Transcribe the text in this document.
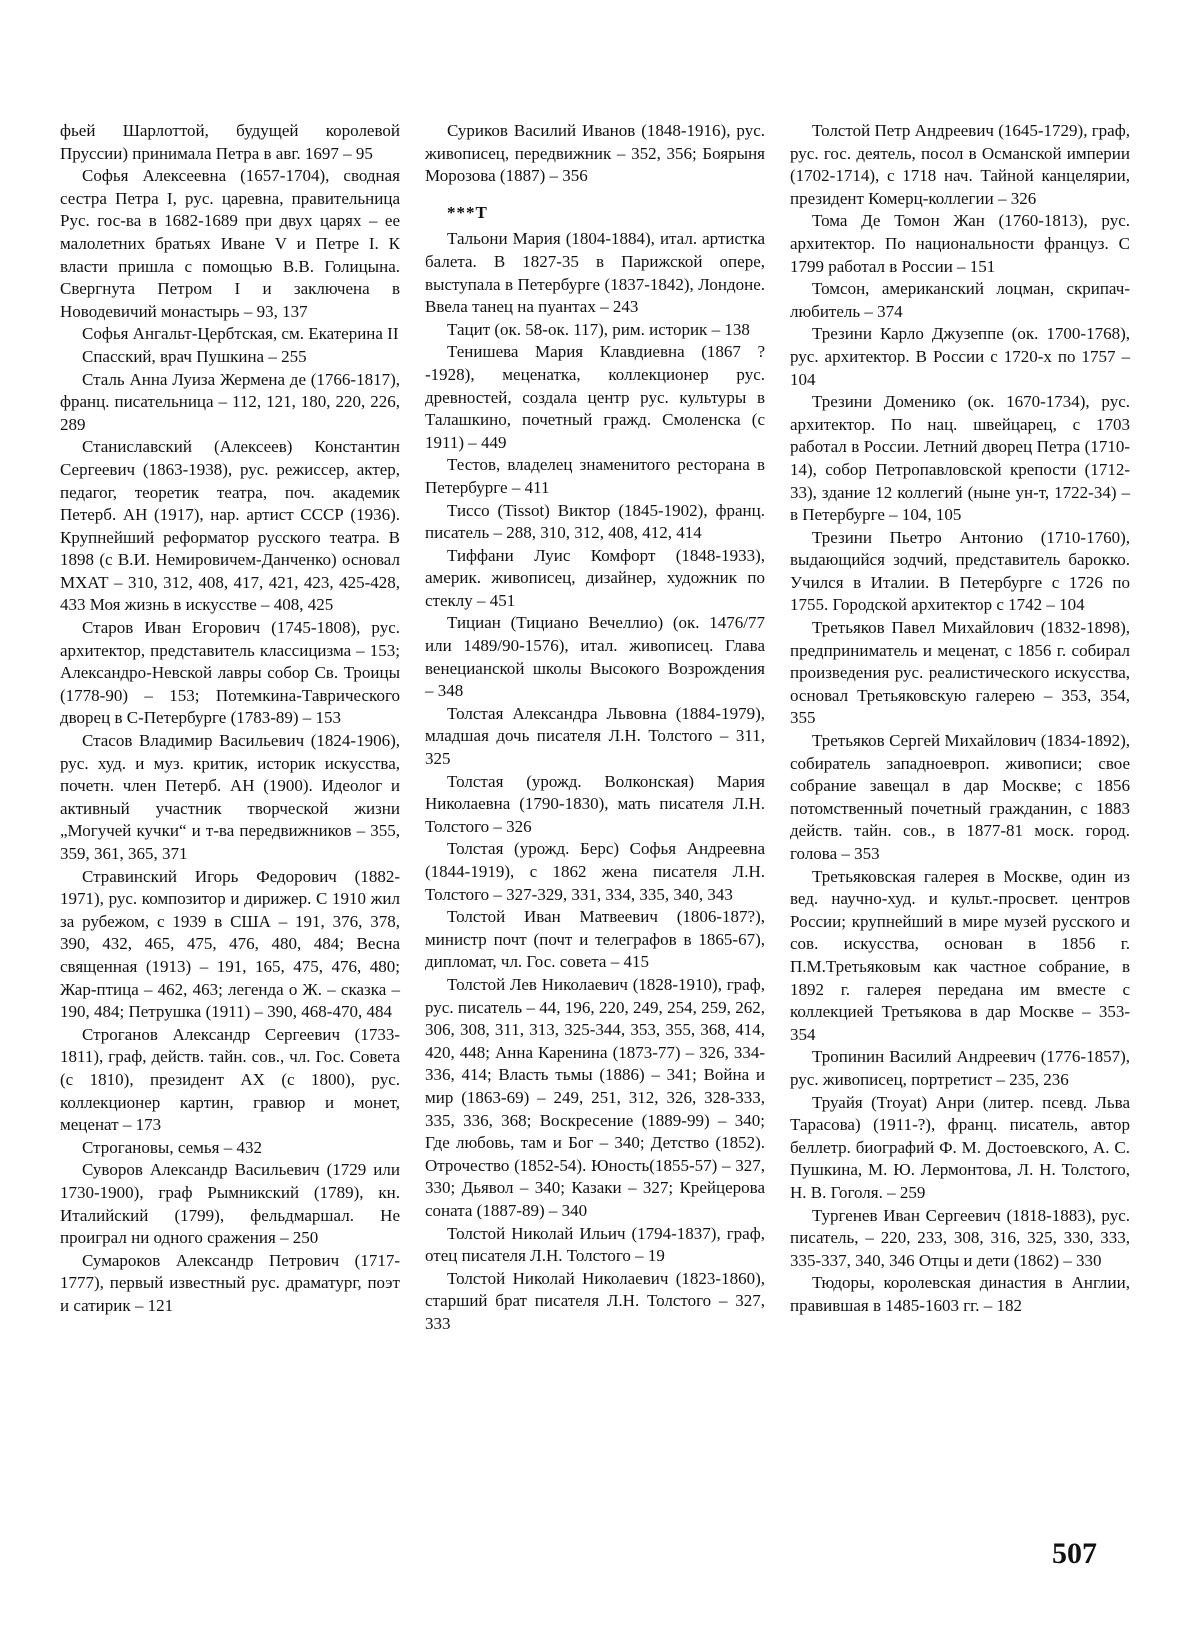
фьей Шарлоттой, будущей королевой Пруссии) принимала Петра в авг. 1697 – 95

Софья Алексеевна (1657-1704), сводная сестра Петра I, рус. царевна, правительница Рус. гос-ва в 1682-1689 при двух царях – ее малолетних братьях Иване V и Петре I. К власти пришла с помощью В.В. Голицына. Свергнута Петром I и заключена в Новодевичий монастырь – 93, 137

Софья Ангальт-Цербтская, см. Екатерина II

Спасский, врач Пушкина – 255

Сталь Анна Луиза Жермена де (1766-1817), франц. писательница – 112, 121, 180, 220, 226, 289

Станиславский (Алексеев) Константин Сергеевич (1863-1938), рус. режиссер, актер, педагог, теоретик театра, поч. академик Петерб. АН (1917), нар. артист СССР (1936). Крупнейший реформатор русского театра. В 1898 (с В.И. Немировичем-Данченко) основал МХАТ – 310, 312, 408, 417, 421, 423, 425-428, 433 Моя жизнь в искусстве – 408, 425

Старов Иван Егорович (1745-1808), рус. архитектор, представитель классицизма – 153; Александро-Невской лавры собор Св. Троицы (1778-90) – 153; Потемкина-Таврического дворец в С-Петербурге (1783-89) – 153

Стасов Владимир Васильевич (1824-1906), рус. худ. и муз. критик, историк искусства, почетн. член Петерб. АН (1900). Идеолог и активный участник творческой жизни „Могучей кучки“ и т-ва передвижников – 355, 359, 361, 365, 371

Стравинский Игорь Федорович (1882-1971), рус. композитор и дирижер. С 1910 жил за рубежом, с 1939 в США – 191, 376, 378, 390, 432, 465, 475, 476, 480, 484; Весна священная (1913) – 191, 165, 475, 476, 480; Жар-птица – 462, 463; легенда о Ж. – сказка – 190, 484; Петрушка (1911) – 390, 468-470, 484

Строганов Александр Сергеевич (1733-1811), граф, действ. тайн. сов., чл. Гос. Совета (с 1810), президент АХ (с 1800), рус. коллекционер картин, гравюр и монет, меценат – 173

Строгановы, семья – 432

Суворов Александр Васильевич (1729 или 1730-1900), граф Рымникский (1789), кн. Италийский (1799), фельдмаршал. Не проиграл ни одного сражения – 250

Сумароков Александр Петрович (1717-1777), первый известный рус. драматург, поэт и сатирик – 121

Суриков Василий Иванов (1848-1916), рус. живописец, передвижник – 352, 356; Боярыня Морозова (1887) – 356

***Т

Тальони Мария (1804-1884), итал. артистка балета. В 1827-35 в Парижской опере, выступала в Петербурге (1837-1842), Лондоне. Ввела танец на пуантах – 243

Тацит (ок. 58-ок. 117), рим. историк – 138

Тенишева Мария Клавдиевна (1867 ?-1928), меценатка, коллекционер рус. древностей, создала центр рус. культуры в Талашкино, почетный гражд. Смоленска (с 1911) – 449

Тестов, владелец знаменитого ресторана в Петербурге – 411

Тиссо (Tissot) Виктор (1845-1902), франц. писатель – 288, 310, 312, 408, 412, 414

Тиффани Луис Комфорт (1848-1933), америк. живописец, дизайнер, художник по стеклу – 451

Тициан (Тициано Вечеллио) (ок. 1476/77 или 1489/90-1576), итал. живописец. Глава венецианской школы Высокого Возрождения – 348

Толстая Александра Львовна (1884-1979), младшая дочь писателя Л.Н. Толстого – 311, 325

Толстая (урожд. Волконская) Мария Николаевна (1790-1830), мать писателя Л.Н. Толстого – 326

Толстая (урожд. Берс) Софья Андреевна (1844-1919), с 1862 жена писателя Л.Н. Толстого – 327-329, 331, 334, 335, 340, 343

Толстой Иван Матвеевич (1806-187?), министр почт (почт и телеграфов в 1865-67), дипломат, чл. Гос. совета – 415

Толстой Лев Николаевич (1828-1910), граф, рус. писатель – 44, 196, 220, 249, 254, 259, 262, 306, 308, 311, 313, 325-344, 353, 355, 368, 414, 420, 448; Анна Каренина (1873-77) – 326, 334-336, 414; Власть тьмы (1886) – 341; Война и мир (1863-69) – 249, 251, 312, 326, 328-333, 335, 336, 368; Воскресение (1889-99) – 340; Где любовь, там и Бог – 340; Детство (1852). Отрочество (1852-54). Юность(1855-57) – 327, 330; Дьявол – 340; Казаки – 327; Крейцерова соната (1887-89) – 340

Толстой Николай Ильич (1794-1837), граф, отец писателя Л.Н. Толстого – 19

Толстой Николай Николаевич (1823-1860), старший брат писателя Л.Н. Толстого – 327, 333

Толстой Петр Андреевич (1645-1729), граф, рус. гос. деятель, посол в Османской империи (1702-1714), с 1718 нач. Тайной канцелярии, президент Комерц-коллегии – 326

Тома Де Томон Жан (1760-1813), рус. архитектор. По национальности француз. С 1799 работал в России – 151

Томсон, американский лоцман, скрипач-любитель – 374

Трезини Карло Джузеппе (ок. 1700-1768), рус. архитектор. В России с 1720-х по 1757 – 104

Трезини Доменико (ок. 1670-1734), рус. архитектор. По нац. швейцарец, с 1703 работал в России. Летний дворец Петра (1710-14), собор Петропавловской крепости (1712-33), здание 12 коллегий (ныне ун-т, 1722-34) – в Петербурге – 104, 105

Трезини Пьетро Антонио (1710-1760), выдающийся зодчий, представитель барокко. Учился в Италии. В Петербурге с 1726 по 1755. Городской архитектор с 1742 – 104

Третьяков Павел Михайлович (1832-1898), предприниматель и меценат, с 1856 г. собирал произведения рус. реалистического искусства, основал Третьяковскую галерею – 353, 354, 355

Третьяков Сергей Михайлович (1834-1892), собиратель западноевроп. живописи; свое собрание завещал в дар Москве; с 1856 потомственный почетный гражданин, с 1883 действ. тайн. сов., в 1877-81 моск. город. голова – 353

Третьяковская галерея в Москве, один из вед. научно-худ. и культ.-просвет. центров России; крупнейший в мире музей русского и сов. искусства, основан в 1856 г. П.М.Третьяковым как частное собрание, в 1892 г. галерея передана им вместе с коллекцией Третьякова в дар Москве – 353-354

Тропинин Василий Андреевич (1776-1857), рус. живописец, портретист – 235, 236

Труайя (Troyat) Анри (литер. псевд. Льва Тарасова) (1911-?), франц. писатель, автор беллетр. биографий Ф. М. Достоевского, А. С. Пушкина, М. Ю. Лермонтова, Л. Н. Толстого, Н. В. Гоголя. – 259

Тургенев Иван Сергеевич (1818-1883), рус. писатель, – 220, 233, 308, 316, 325, 330, 333, 335-337, 340, 346 Отцы и дети (1862) – 330

Тюдоры, королевская династия в Англии, правившая в 1485-1603 гг. – 182

507
